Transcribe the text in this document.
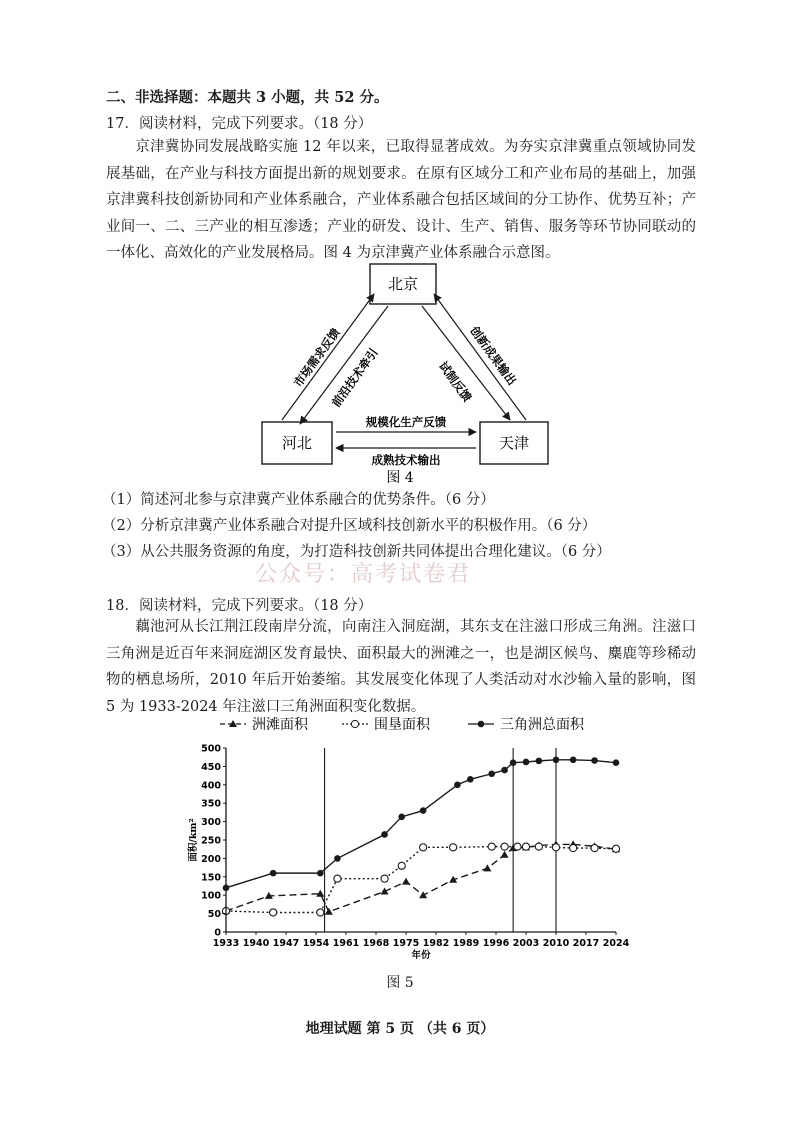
二、非选择题：本题共 3 小题，共 52 分。
17．阅读材料，完成下列要求。（18 分）
京津冀协同发展战略实施 12 年以来，已取得显著成效。为夯实京津冀重点领域协同发展基础，在产业与科技方面提出新的规划要求。在原有区域分工和产业布局的基础上，加强京津冀科技创新协同和产业体系融合，产业体系融合包括区域间的分工协作、优势互补；产业间一、二、三产业的相互渗透；产业的研发、设计、生产、销售、服务等环节协同联动的一体化、高效化的产业发展格局。图 4 为京津冀产业体系融合示意图。
北京
河北	天津
市场需求反馈
前沿技术牵引	创新成果输出
试制反馈
规模化生产反馈
成熟技术输出
图 4
（1）简述河北参与京津冀产业体系融合的优势条件。（6 分）
（2）分析京津冀产业体系融合对提升区域科技创新水平的积极作用。（6 分）
（3）从公共服务资源的角度，为打造科技创新共同体提出合理化建议。（6 分）
公众号：高考试卷君
18．阅读材料，完成下列要求。（18 分）
藕池河从长江荆江段南岸分流，向南注入洞庭湖，其东支在注滋口形成三角洲。注滋口三角洲是近百年来洞庭湖区发育最快、面积最大的洲滩之一，也是湖区候鸟、麋鹿等珍稀动物的栖息场所，2010 年后开始萎缩。其发展变化体现了人类活动对水沙输入量的影响，图 5 为 1933-2024 年注滋口三角洲面积变化数据。
洲滩面积	围垦面积	三角洲总面积
0
50
100
150
200
250
300
350
400
450
500
1933 1940 1947 1954 1961 1968 1975 1982 1989 1996 2003 2010 2017 2024
年份
面积/km²
图 5
地理试题 第 5 页 （共 6 页）
